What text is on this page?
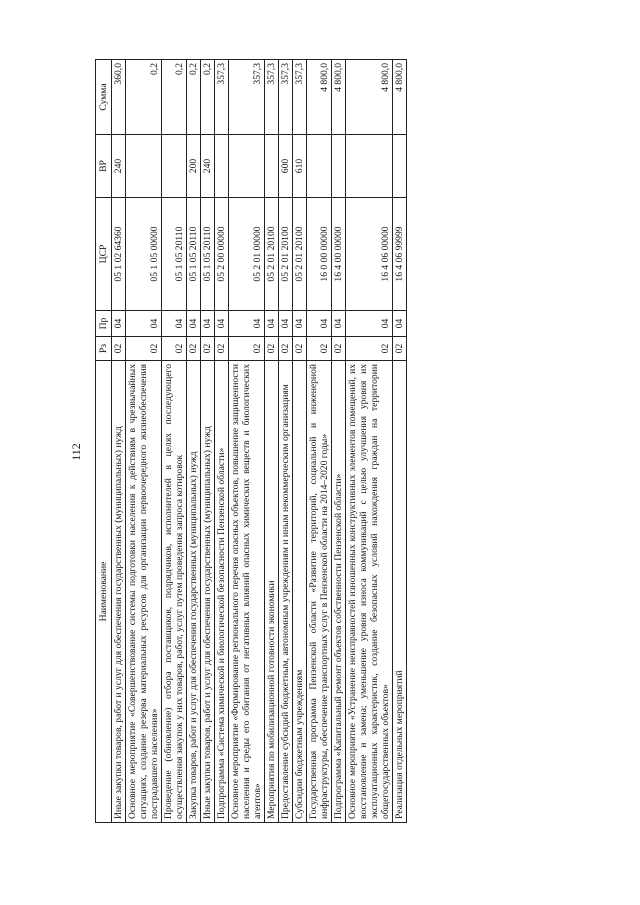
112
Наименование	Рз	Пр	ЦСР	ВР	Сумма
Иные закупки товаров, работ и услуг для обеспечения государственных (муниципальных) нужд	02	04	05 1 02 64360	240	360,0
Основное мероприятие «Совершенствование системы подготовки населения к действиям в чрезвычайных ситуациях, создание резерва материальных ресурсов для организации первоочередного жизнеобеспечения пострадавшего населения»	02	04	05 1 05 00000		0,2
Проведение (обновление) отбора поставщиков, подрядчиков, исполнителей в целях последующего осуществления закупок у них товаров, работ, услуг путем проведения запроса котировок	02	04	05 1 05 20110		0,2
Закупка товаров, работ и услуг для обеспечения государственных (муниципальных) нужд	02	04	05 1 05 20110	200	0,2
Иные закупки товаров, работ и услуг для обеспечения государственных (муниципальных) нужд	02	04	05 1 05 20110	240	0,2
Подпрограмма «Система химической и биологической безопасности Пензенской области»	02	04	05 2 00 00000		357,3
Основное мероприятие «Формирование регионального перечня опасных объектов, повышение защищенности населения и среды его обитания от негативных влияний опасных химических веществ и биологических агентов»	02	04	05 2 01 00000		357,3
Мероприятия по мобилизационной готовности экономики	02	04	05 2 01 20100		357,3
Предоставление субсидий бюджетным, автономным учреждениям и иным некоммерческим организациям	02	04	05 2 01 20100	600	357,3
Субсидии бюджетным учреждениям	02	04	05 2 01 20100	610	357,3
Государственная программа Пензенской области «Развитие территорий, социальной и инженерной инфраструктуры, обеспечение транспортных услуг в Пензенской области на 2014–2020 годы»	02	04	16 0 00 00000		4 800,0
Подпрограмма «Капитальный ремонт объектов собственности Пензенской области»	02	04	16 4 00 00000		4 800,0
Основное мероприятие «Устранение неисправностей изношенных конструктивных элементов помещений, их восстановление и замена; уменьшение уровня износа коммуникаций с целью улучшения уровня их эксплуатационных характеристик, создание безопасных условий нахождения граждан на территории общегосударственных объектов»	02	04	16 4 06 00000		4 800,0
Реализация отдельных мероприятий	02	04	16 4 06 99999		4 800,0
